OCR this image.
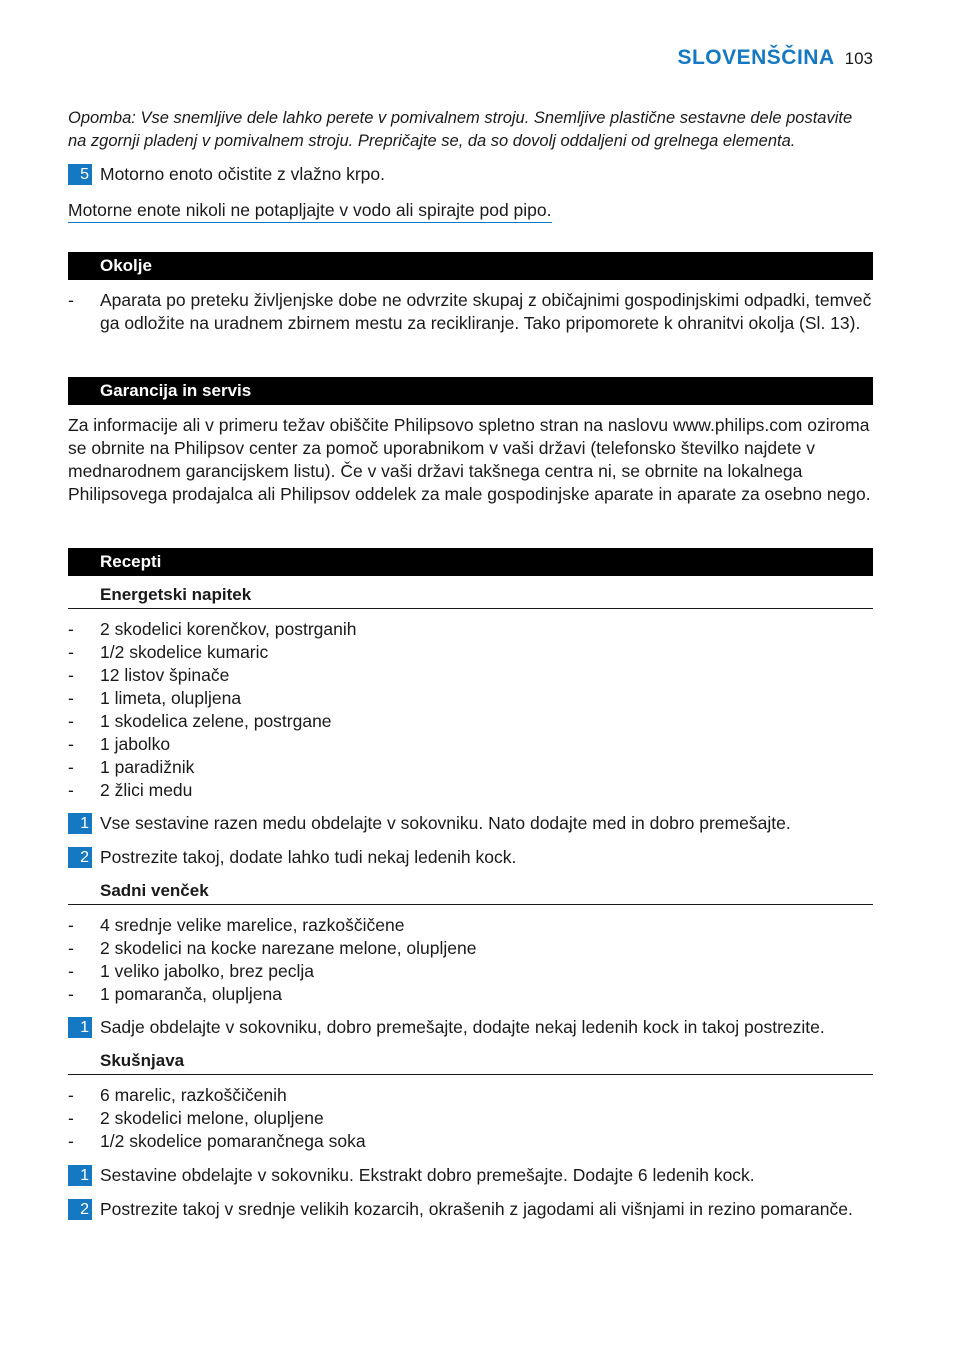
SLOVENŠČINA 103
Opomba: Vse snemljive dele lahko perete v pomivalnem stroju. Snemljive plastične sestavne dele postavite na zgornji pladenj v pomivalnem stroju. Prepričajte se, da so dovolj oddaljeni od grelnega elementa.
5 Motorno enoto očistite z vlažno krpo.
Motorne enote nikoli ne potapljajte v vodo ali spirajte pod pipo.
Okolje
- Aparata po preteku življenjske dobe ne odvrzite skupaj z običajnimi gospodinjskimi odpadki, temveč ga odložite na uradnem zbirnem mestu za recikliranje. Tako pripomorete k ohranitvi okolja (Sl. 13).
Garancija in servis
Za informacije ali v primeru težav obiščite Philipsovo spletno stran na naslovu www.philips.com oziroma se obrnite na Philipsov center za pomoč uporabnikom v vaši državi (telefonsko številko najdete v mednarodnem garancijskem listu). Če v vaši državi takšnega centra ni, se obrnite na lokalnega Philipsovega prodajalca ali Philipsov oddelek za male gospodinjske aparate in aparate za osebno nego.
Recepti
Energetski napitek
- 2 skodelici korenčkov, postrganih
- 1/2 skodelice kumaric
- 12 listov špinače
- 1 limeta, olupljena
- 1 skodelica zelene, postrgane
- 1 jabolko
- 1 paradižnik
- 2 žlici medu
1 Vse sestavine razen medu obdelajte v sokovniku. Nato dodajte med in dobro premešajte.
2 Postrezite takoj, dodate lahko tudi nekaj ledenih kock.
Sadni venček
- 4 srednje velike marelice, razkoščičene
- 2 skodelici na kocke narezane melone, olupljene
- 1 veliko jabolko, brez peclja
- 1 pomaranča, olupljena
1 Sadje obdelajte v sokovniku, dobro premešajte, dodajte nekaj ledenih kock in takoj postrezite.
Skušnjava
- 6 marelic, razkoščičenih
- 2 skodelici melone, olupljene
- 1/2 skodelice pomarančnega soka
1 Sestavine obdelajte v sokovniku. Ekstrakt dobro premešajte. Dodajte 6 ledenih kock.
2 Postrezite takoj v srednje velikih kozarcih, okrašenih z jagodami ali višnjami in rezino pomaranče.
